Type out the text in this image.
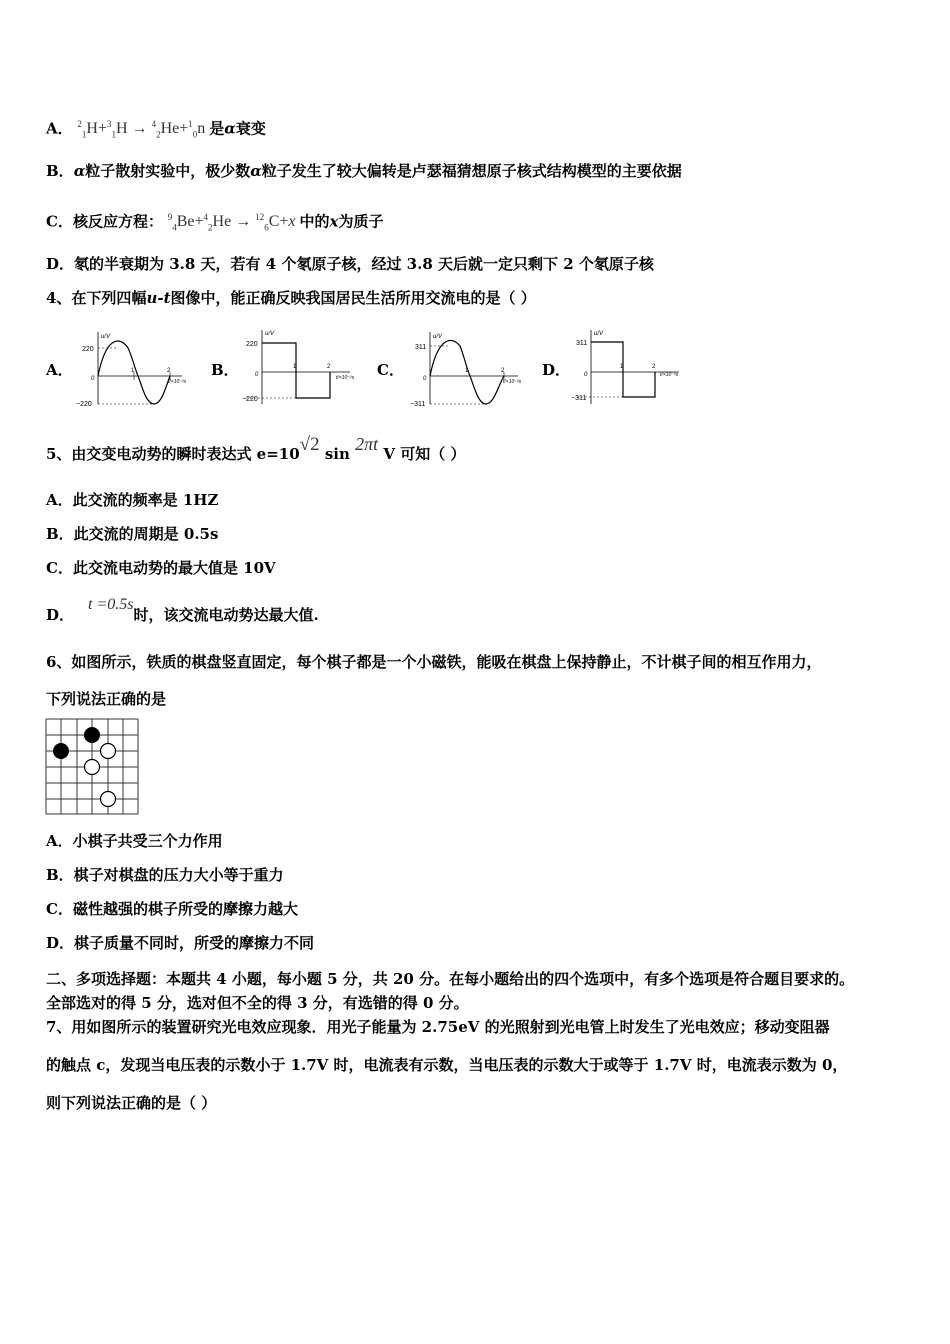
A． $^2_1$H+$^3_1$H → $^4_2$He+$^1_0$n 是α衰变
B．α粒子散射实验中，极少数α粒子发生了较大偏转是卢瑟福猜想原子核式结构模型的主要依据
C．核反应方程： $^9_4$Be+$^4_2$He → $^{12}_6$C+x 中的x为质子
D．氡的半衰期为 3.8 天，若有 4 个氡原子核，经过 3.8 天后就一定只剩下 2 个氡原子核
4、在下列四幅u-t图像中，能正确反映我国居民生活所用交流电的是（ ）
A．	B．	C．	D．
u/V
220
−220
0
1	2
t/×10⁻²s
u/V
220
−220
0
1	2
t/×10⁻²s
u/V
311
−311
0
1	2
t/×10⁻²s
u/V
311
−311
0
1	2
t/×10⁻²s
5、由交变电动势的瞬时表达式 e=10√2 sin 2πt V 可知（ ）
A．此交流的频率是 1HZ
B．此交流的周期是 0.5s
C．此交流电动势的最大值是 10V
D．t =0.5s时，该交流电动势达最大值.
6、如图所示，铁质的棋盘竖直固定，每个棋子都是一个小磁铁，能吸在棋盘上保持静止，不计棋子间的相互作用力，
下列说法正确的是
A．小棋子共受三个力作用
B．棋子对棋盘的压力大小等于重力
C．磁性越强的棋子所受的摩擦力越大
D．棋子质量不同时，所受的摩擦力不同
二、多项选择题：本题共 4 小题，每小题 5 分，共 20 分。在每小题给出的四个选项中，有多个选项是符合题目要求的。
全部选对的得 5 分，选对但不全的得 3 分，有选错的得 0 分。
7、用如图所示的装置研究光电效应现象．用光子能量为 2.75eV 的光照射到光电管上时发生了光电效应；移动变阻器
的触点 c，发现当电压表的示数小于 1.7V 时，电流表有示数，当电压表的示数大于或等于 1.7V 时，电流表示数为 0，
则下列说法正确的是（ ）
